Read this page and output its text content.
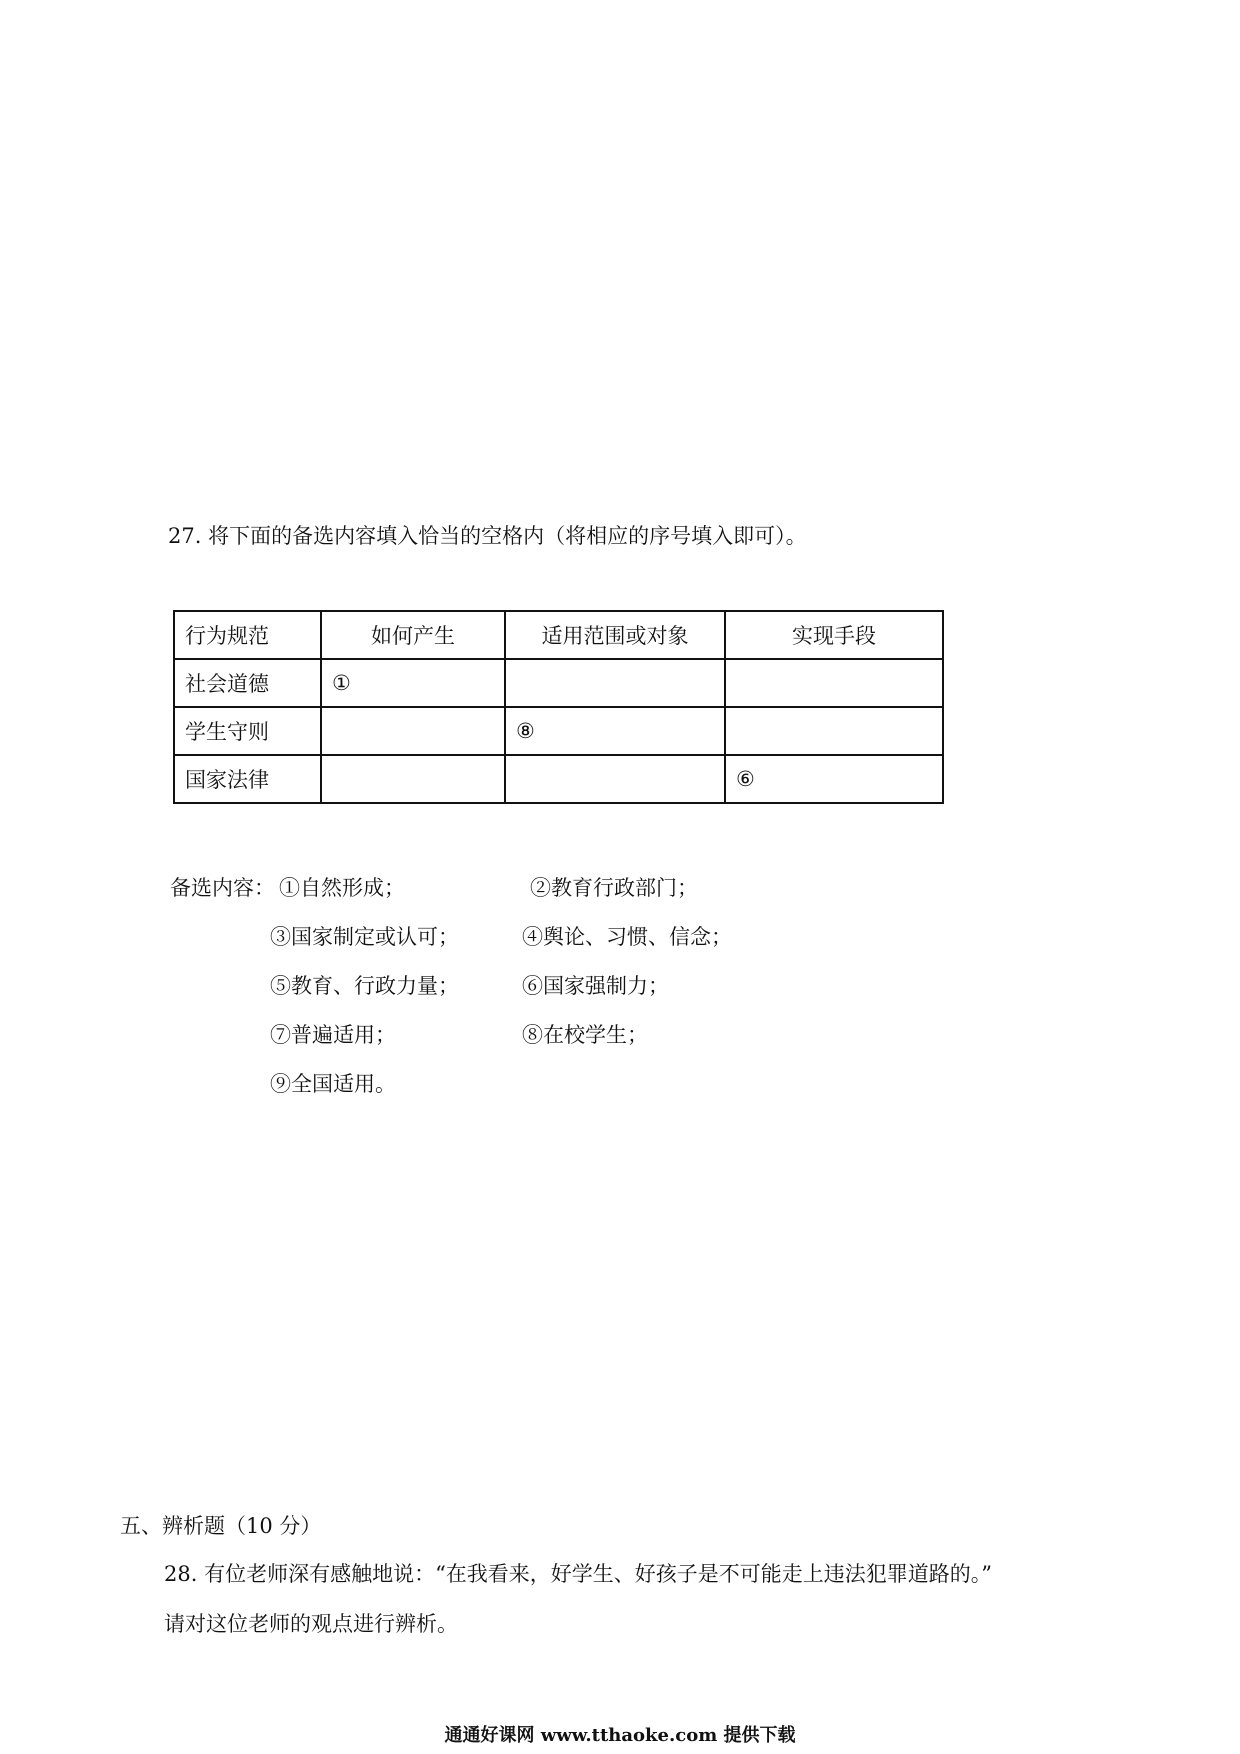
27. 将下面的备选内容填入恰当的空格内（将相应的序号填入即可）。
行为规范	如何产生	适用范围或对象	实现手段
社会道德	①		
学生守则		⑧	
国家法律			⑥
备选内容： ①自然形成；	②教育行政部门；
③国家制定或认可；	④舆论、习惯、信念；
⑤教育、行政力量；	⑥国家强制力；
⑦普遍适用；	⑧在校学生；
⑨全国适用。
五、辨析题（10 分）
28. 有位老师深有感触地说：“在我看来，好学生、好孩子是不可能走上违法犯罪道路的。”
请对这位老师的观点进行辨析。
通通好课网 www.tthaoke.com 提供下载
